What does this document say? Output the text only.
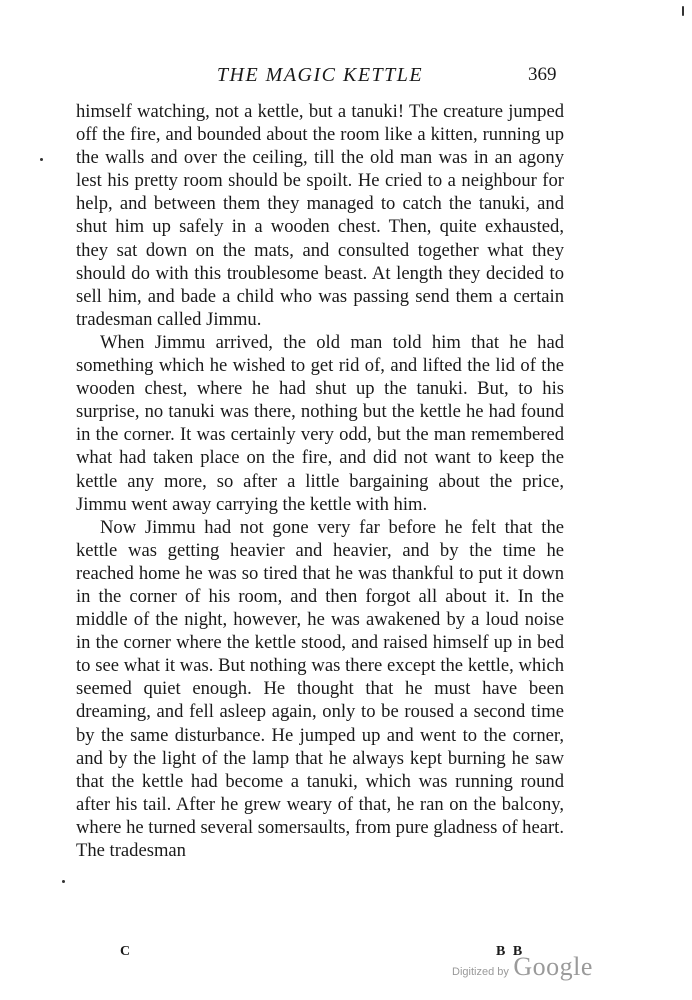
THE MAGIC KETTLE	369

himself watching, not a kettle, but a tanuki! The creature jumped off the fire, and bounded about the room like a kitten, running up the walls and over the ceiling, till the old man was in an agony lest his pretty room should be spoilt. He cried to a neighbour for help, and between them they managed to catch the tanuki, and shut him up safely in a wooden chest. Then, quite exhausted, they sat down on the mats, and consulted together what they should do with this troublesome beast. At length they decided to sell him, and bade a child who was passing send them a certain tradesman called Jimmu.

When Jimmu arrived, the old man told him that he had something which he wished to get rid of, and lifted the lid of the wooden chest, where he had shut up the tanuki. But, to his surprise, no tanuki was there, nothing but the kettle he had found in the corner. It was certainly very odd, but the man remembered what had taken place on the fire, and did not want to keep the kettle any more, so after a little bargaining about the price, Jimmu went away carrying the kettle with him.

Now Jimmu had not gone very far before he felt that the kettle was getting heavier and heavier, and by the time he reached home he was so tired that he was thankful to put it down in the corner of his room, and then forgot all about it. In the middle of the night, however, he was awakened by a loud noise in the corner where the kettle stood, and raised himself up in bed to see what it was. But nothing was there except the kettle, which seemed quiet enough. He thought that he must have been dreaming, and fell asleep again, only to be roused a second time by the same disturbance. He jumped up and went to the corner, and by the light of the lamp that he always kept burning he saw that the kettle had become a tanuki, which was running round after his tail. After he grew weary of that, he ran on the balcony, where he turned several somersaults, from pure gladness of heart. The tradesman

C	B B
Digitized by Google
